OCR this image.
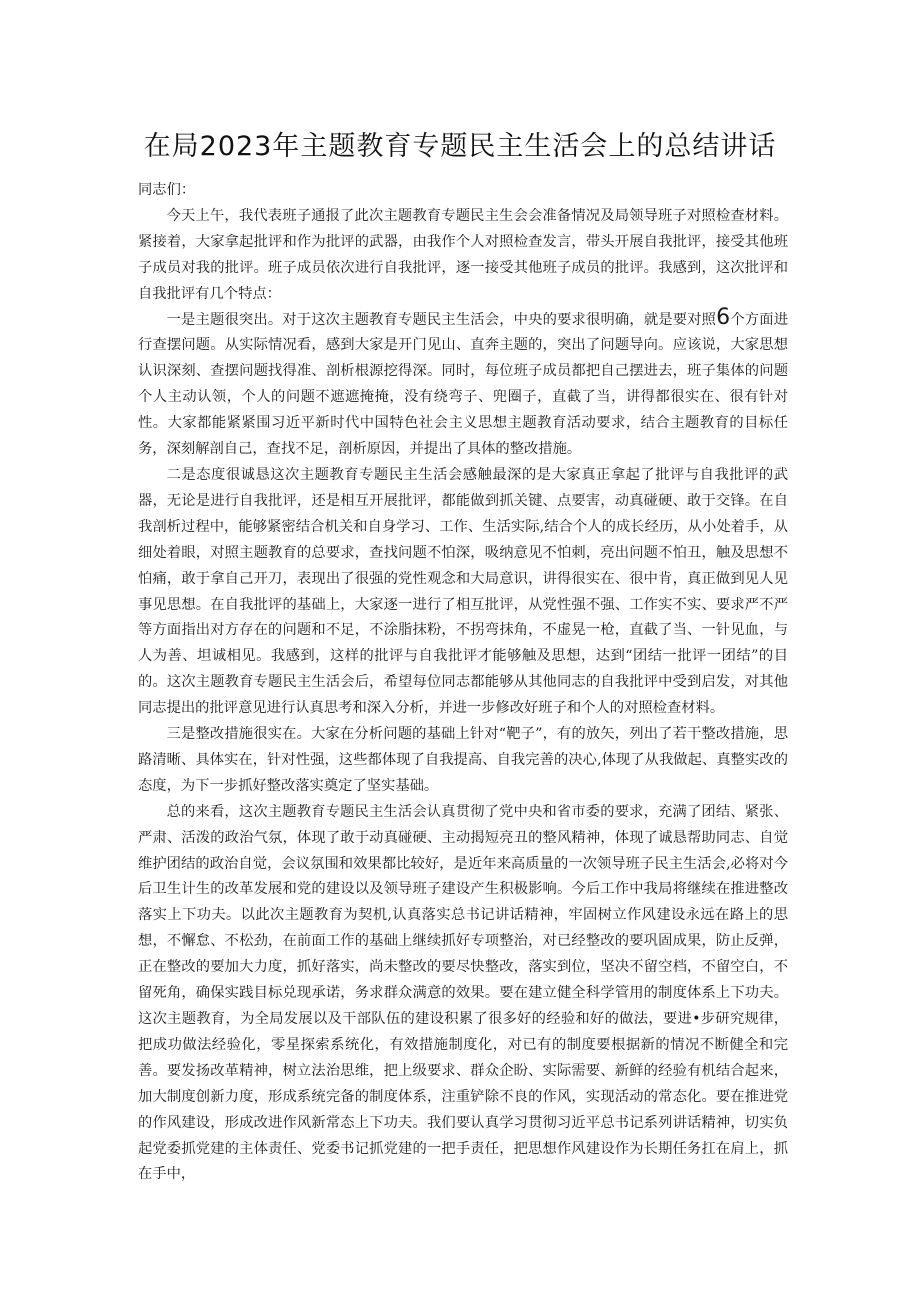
在局2023年主题教育专题民主生活会上的总结讲话

同志们：

今天上午，我代表班子通报了此次主题教育专题民主生会会准备情况及局领导班子对照检查材料。紧接着，大家拿起批评和作为批评的武器，由我作个人对照检查发言，带头开展自我批评，接受其他班子成员对我的批评。班子成员依次进行自我批评，逐一接受其他班子成员的批评。我感到，这次批评和自我批评有几个特点：

一是主题很突出。对于这次主题教育专题民主生活会，中央的要求很明确，就是要对照6个方面进行查摆问题。从实际情况看，感到大家是开门见山、直奔主题的，突出了问题导向。应该说，大家思想认识深刻、查摆问题找得准、剖析根源挖得深。同时，每位班子成员都把自己摆进去，班子集体的问题个人主动认领，个人的问题不遮遮掩掩，没有绕弯子、兜圈子，直截了当，讲得都很实在、很有针对性。大家都能紧紧围习近平新时代中国特色社会主义思想主题教育活动要求，结合主题教育的目标任务，深刻解剖自己，查找不足，剖析原因，并提出了具体的整改措施。

二是态度很诚恳这次主题教育专题民主生活会感触最深的是大家真正拿起了批评与自我批评的武器，无论是进行自我批评，还是相互开展批评，都能做到抓关键、点要害，动真碰硬、敢于交锋。在自我剖析过程中，能够紧密结合机关和自身学习、工作、生活实际,结合个人的成长经历，从小处着手，从细处着眼，对照主题教育的总要求，查找问题不怕深，吸纳意见不怕刺，亮出问题不怕丑，触及思想不怕痛，敢于拿自己开刀，表现出了很强的党性观念和大局意识，讲得很实在、很中肯，真正做到见人见事见思想。在自我批评的基础上，大家逐一进行了相互批评，从党性强不强、工作实不实、要求严不严等方面指出对方存在的问题和不足，不涂脂抹粉，不拐弯抹角，不虚晃一枪，直截了当、一针见血，与人为善、坦诚相见。我感到，这样的批评与自我批评才能够触及思想，达到“团结一批评一团结”的目的。这次主题教育专题民主生活会后，希望每位同志都能够从其他同志的自我批评中受到启发，对其他同志提出的批评意见进行认真思考和深入分析，并进一步修改好班子和个人的对照检查材料。

三是整改措施很实在。大家在分析问题的基础上针对“靶子”，有的放矢，列出了若干整改措施，思路清晰、具体实在，针对性强，这些都体现了自我提高、自我完善的决心,体现了从我做起、真整实改的态度，为下一步抓好整改落实奠定了坚实基础。

总的来看，这次主题教育专题民主生活会认真贯彻了党中央和省市委的要求，充满了团结、紧张、严肃、活泼的政治气氛，体现了敢于动真碰硬、主动揭短亮丑的整风精神，体现了诚恳帮助同志、自觉维护团结的政治自觉，会议氛围和效果都比较好，是近年来高质量的一次领导班子民主生活会,必将对今后卫生计生的改革发展和党的建设以及领导班子建设产生积极影响。今后工作中我局将继续在推进整改落实上下功夫。以此次主题教育为契机,认真落实总书记讲话精神，牢固树立作风建设永远在路上的思想，不懈怠、不松劲，在前面工作的基础上继续抓好专项整治，对已经整改的要巩固成果，防止反弹，正在整改的要加大力度，抓好落实，尚未整改的要尽快整改，落实到位，坚决不留空档，不留空白，不留死角，确保实践目标兑现承诺，务求群众满意的效果。要在建立健全科学管用的制度体系上下功夫。这次主题教育，为全局发展以及干部队伍的建设积累了很多好的经验和好的做法，要进•步研究规律，把成功做法经验化，零星探索系统化，有效措施制度化，对已有的制度要根据新的情况不断健全和完善。要发扬改革精神，树立法治思维，把上级要求、群众企盼、实际需要、新鲜的经验有机结合起来，加大制度创新力度，形成系统完备的制度体系，注重铲除不良的作风，实现活动的常态化。要在推进党的作风建设，形成改进作风新常态上下功夫。我们要认真学习贯彻习近平总书记系列讲话精神，切实负起党委抓党建的主体责任、党委书记抓党建的一把手责任，把思想作风建设作为长期任务扛在肩上，抓在手中，
